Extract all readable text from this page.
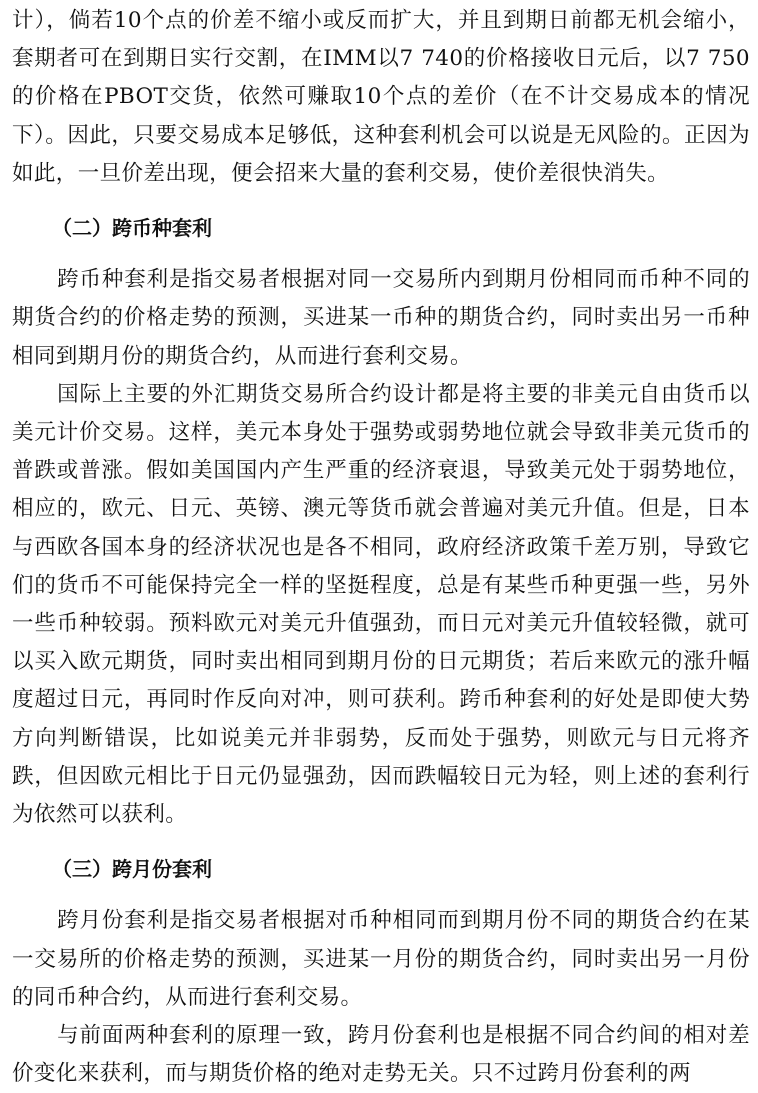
计），倘若10个点的价差不缩小或反而扩大，并且到期日前都无机会缩小，套期者可在到期日实行交割，在IMM以7 740的价格接收日元后，以7 750的价格在PBOT交货，依然可赚取10个点的差价（在不计交易成本的情况下）。因此，只要交易成本足够低，这种套利机会可以说是无风险的。正因为如此，一旦价差出现，便会招来大量的套利交易，使价差很快消失。

（二）跨币种套利

跨币种套利是指交易者根据对同一交易所内到期月份相同而币种不同的期货合约的价格走势的预测，买进某一币种的期货合约，同时卖出另一币种相同到期月份的期货合约，从而进行套利交易。

国际上主要的外汇期货交易所合约设计都是将主要的非美元自由货币以美元计价交易。这样，美元本身处于强势或弱势地位就会导致非美元货币的普跌或普涨。假如美国国内产生严重的经济衰退，导致美元处于弱势地位，相应的，欧元、日元、英镑、澳元等货币就会普遍对美元升值。但是，日本与西欧各国本身的经济状况也是各不相同，政府经济政策千差万别，导致它们的货币不可能保持完全一样的坚挺程度，总是有某些币种更强一些，另外一些币种较弱。预料欧元对美元升值强劲，而日元对美元升值较轻微，就可以买入欧元期货，同时卖出相同到期月份的日元期货；若后来欧元的涨升幅度超过日元，再同时作反向对冲，则可获利。跨币种套利的好处是即使大势方向判断错误，比如说美元并非弱势，反而处于强势，则欧元与日元将齐跌，但因欧元相比于日元仍显强劲，因而跌幅较日元为轻，则上述的套利行为依然可以获利。

（三）跨月份套利

跨月份套利是指交易者根据对币种相同而到期月份不同的期货合约在某一交易所的价格走势的预测，买进某一月份的期货合约，同时卖出另一月份的同币种合约，从而进行套利交易。

与前面两种套利的原理一致，跨月份套利也是根据不同合约间的相对差价变化来获利，而与期货价格的绝对走势无关。只不过跨月份套利的两
